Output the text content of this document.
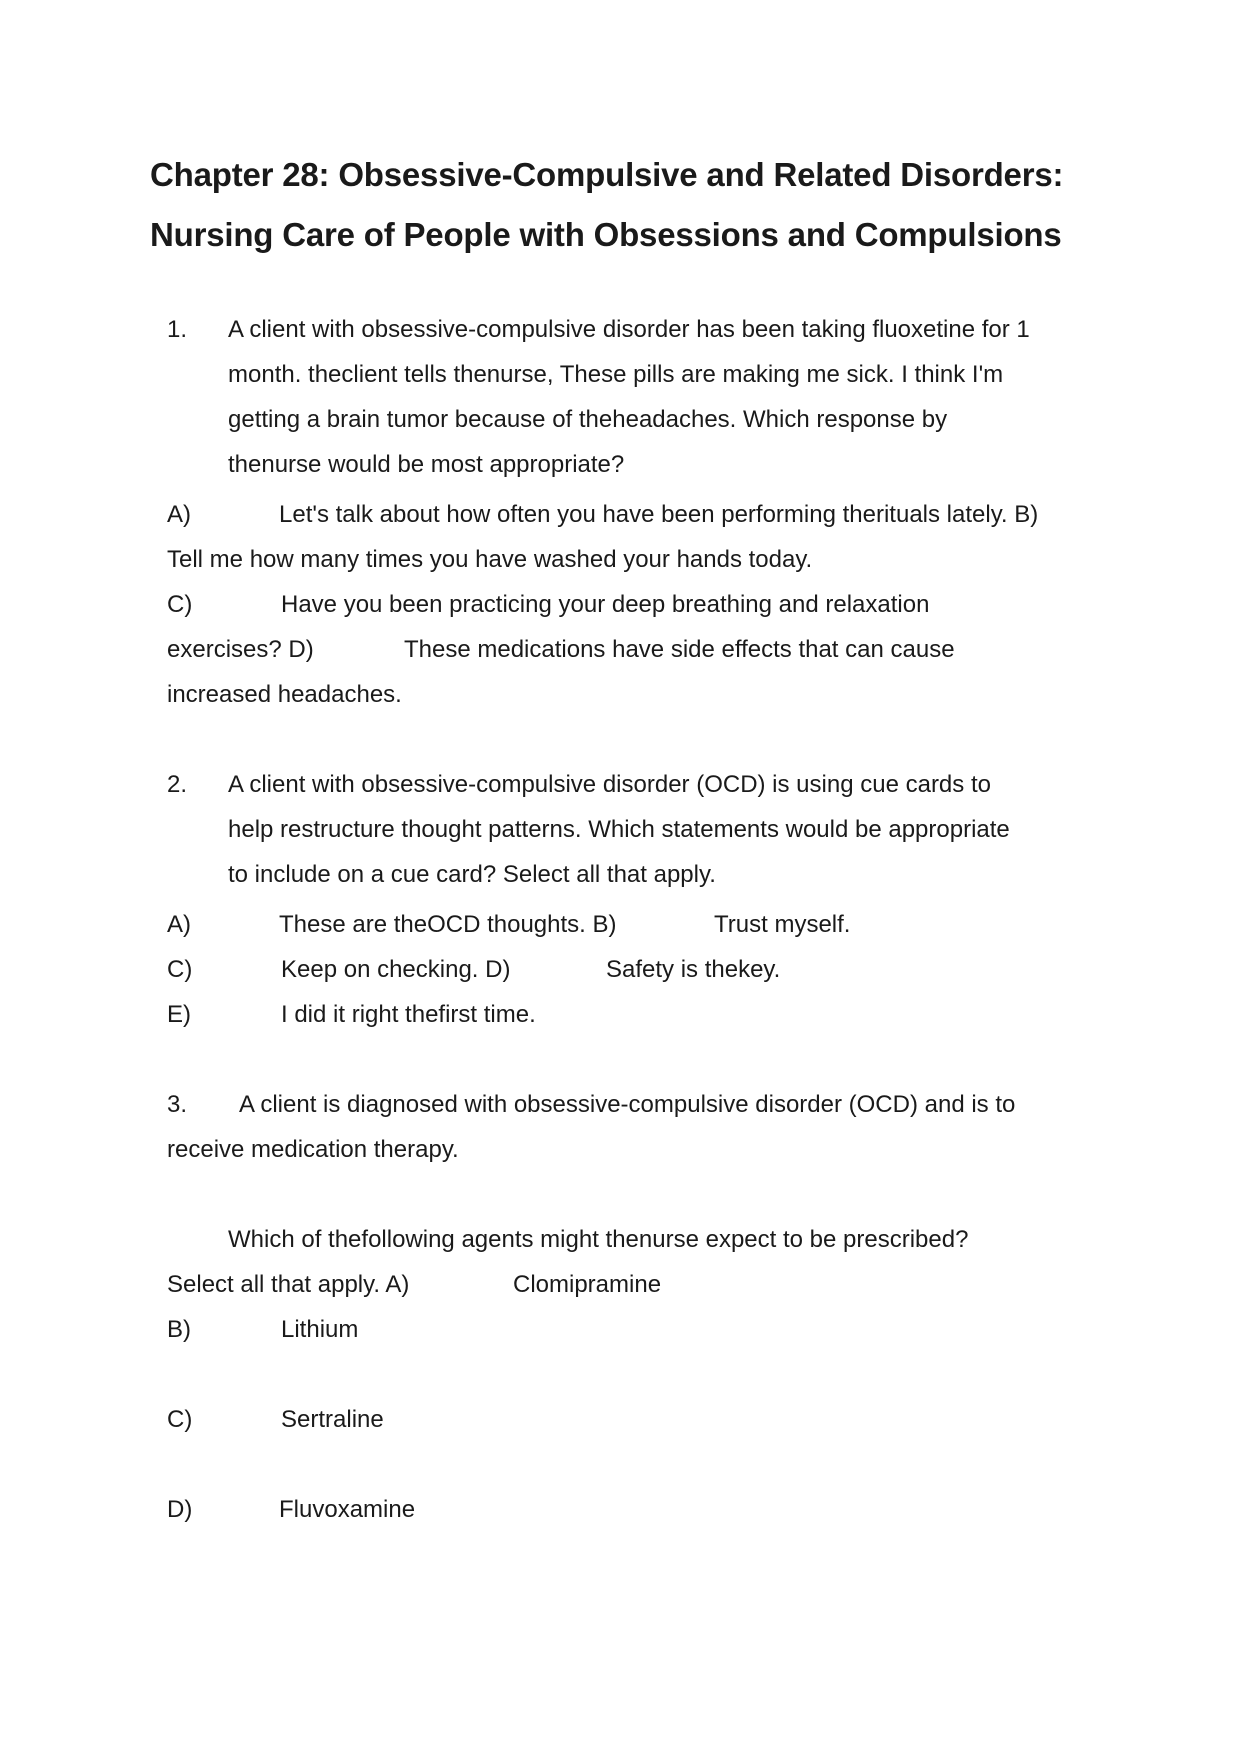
Chapter 28: Obsessive-Compulsive and Related Disorders:
Nursing Care of People with Obsessions and Compulsions
1. A client with obsessive-compulsive disorder has been taking fluoxetine for 1
month. theclient tells thenurse, These pills are making me sick. I think I'm
getting a brain tumor because of theheadaches. Which response by
thenurse would be most appropriate?
A)	Let's talk about how often you have been performing therituals lately. B)
Tell me how many times you have washed your hands today.
C)	Have you been practicing your deep breathing and relaxation
exercises? D)	These medications have side effects that can cause
increased headaches.
2. A client with obsessive-compulsive disorder (OCD) is using cue cards to
help restructure thought patterns. Which statements would be appropriate
to include on a cue card? Select all that apply.
A)	These are theOCD thoughts. B)	Trust myself.
C)	Keep on checking. D)	Safety is thekey.
E)	I did it right thefirst time.
3. A client is diagnosed with obsessive-compulsive disorder (OCD) and is to
receive medication therapy.
Which of thefollowing agents might thenurse expect to be prescribed?
Select all that apply. A)	Clomipramine
B)	Lithium
C)	Sertraline
D)	Fluvoxamine
